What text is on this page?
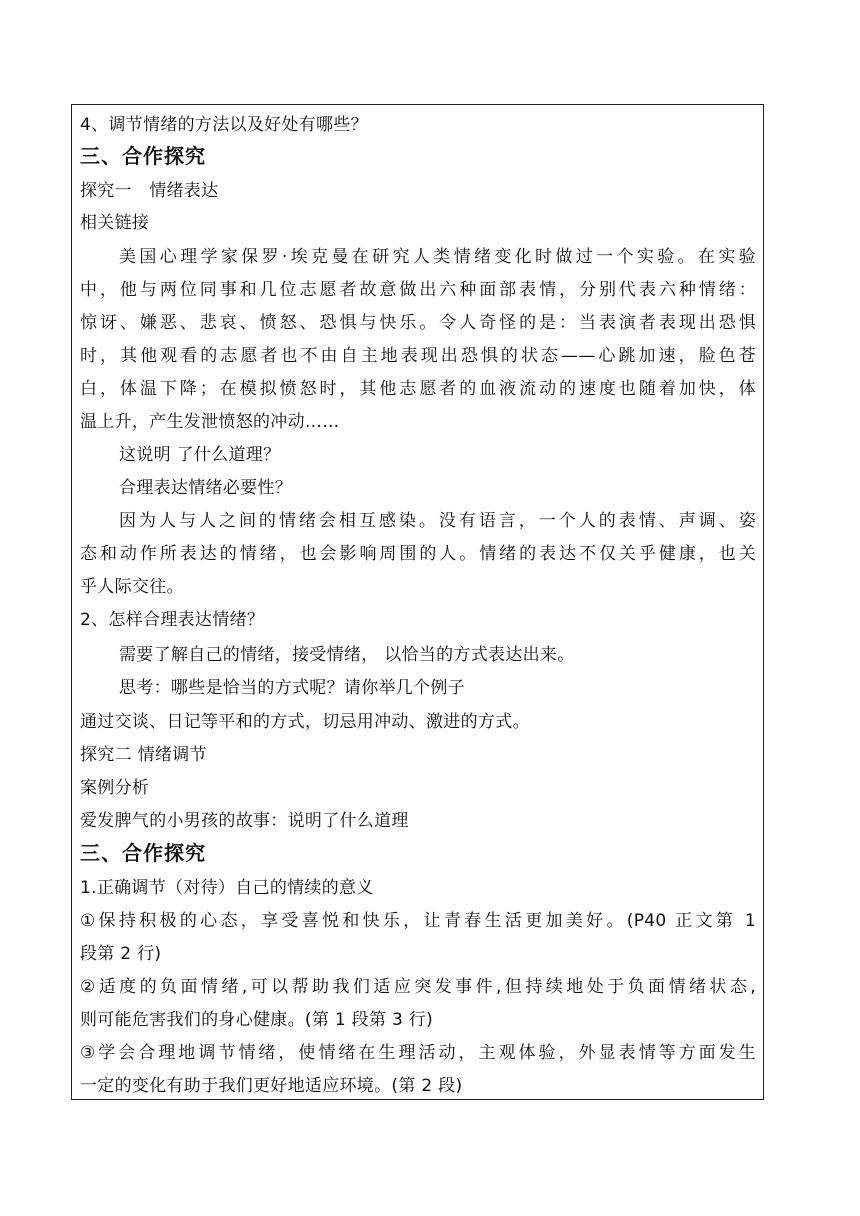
4、调节情绪的方法以及好处有哪些？
三、合作探究
探究一　情绪表达
相关链接
美国心理学家保罗·埃克曼在研究人类情绪变化时做过一个实验。在实验
中，他与两位同事和几位志愿者故意做出六种面部表情，分别代表六种情绪：
惊讶、嫌恶、悲哀、愤怒、恐惧与快乐。令人奇怪的是：当表演者表现出恐惧
时，其他观看的志愿者也不由自主地表现出恐惧的状态——心跳加速，脸色苍
白，体温下降；在模拟愤怒时，其他志愿者的血液流动的速度也随着加快，体
温上升，产生发泄愤怒的冲动……
这说明 了什么道理？
合理表达情绪必要性？
因为人与人之间的情绪会相互感染。没有语言，一个人的表情、声调、姿
态和动作所表达的情绪，也会影响周围的人。情绪的表达不仅关乎健康，也关
乎人际交往。
2、怎样合理表达情绪？
需要了解自己的情绪，接受情绪， 以恰当的方式表达出来。
思考：哪些是恰当的方式呢？请你举几个例子
通过交谈、日记等平和的方式，切忌用冲动、激进的方式。
探究二 情绪调节
案例分析
爱发脾气的小男孩的故事：说明了什么道理
三、合作探究
1.正确调节（对待）自己的情续的意义
①保持积极的心态，享受喜悦和快乐，让青春生活更加美好。(P40 正文第 1
段第 2 行)
②适度的负面情绪,可以帮助我们适应突发事件,但持续地处于负面情绪状态,
则可能危害我们的身心健康。(第 1 段第 3 行)
③学会合理地调节情绪，使情绪在生理活动，主观体验，外显表情等方面发生
一定的变化有助于我们更好地适应环境。(第 2 段)
